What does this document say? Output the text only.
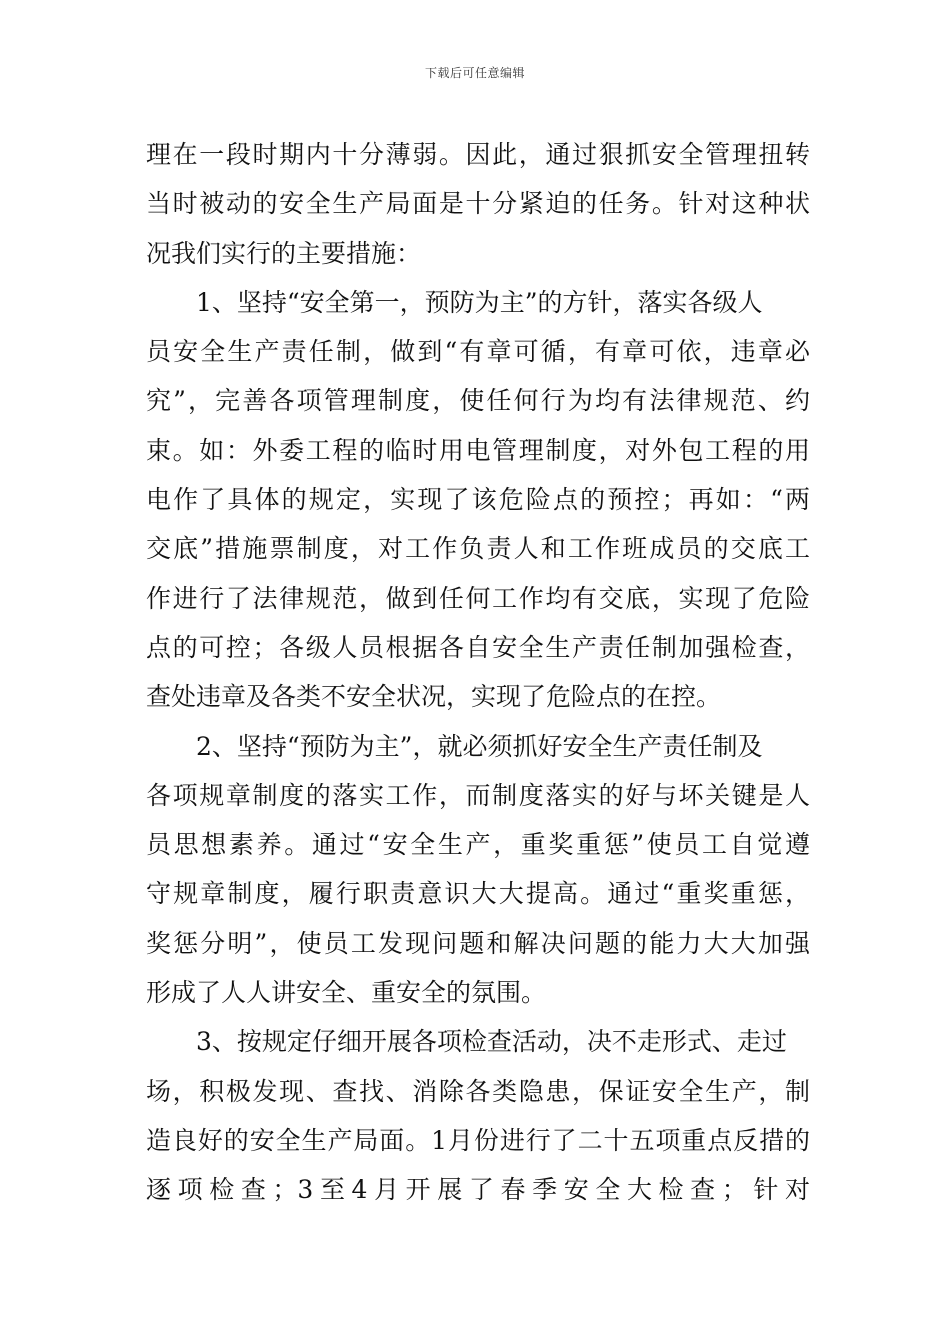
下载后可任意编辑
理在一段时期内十分薄弱。因此，通过狠抓安全管理扭转
当时被动的安全生产局面是十分紧迫的任务。针对这种状
况我们实行的主要措施：
1、坚持“安全第一，预防为主”的方针，落实各级人
员安全生产责任制，做到“有章可循，有章可依，违章必
究”，完善各项管理制度，使任何行为均有法律规范、约
束。如：外委工程的临时用电管理制度，对外包工程的用
电作了具体的规定，实现了该危险点的预控；再如：“两
交底”措施票制度，对工作负责人和工作班成员的交底工
作进行了法律规范，做到任何工作均有交底，实现了危险
点的可控；各级人员根据各自安全生产责任制加强检查，
查处违章及各类不安全状况，实现了危险点的在控。
2、坚持“预防为主”，就必须抓好安全生产责任制及
各项规章制度的落实工作，而制度落实的好与坏关键是人
员思想素养。通过“安全生产，重奖重惩”使员工自觉遵
守规章制度，履行职责意识大大提高。通过“重奖重惩，
奖惩分明”，使员工发现问题和解决问题的能力大大加强
形成了人人讲安全、重安全的氛围。
3、按规定仔细开展各项检查活动，决不走形式、走过
场，积极发现、查找、消除各类隐患，保证安全生产，制
造良好的安全生产局面。1月份进行了二十五项重点反措的
逐项检查；3至4月开展了春季安全大检查；针对
